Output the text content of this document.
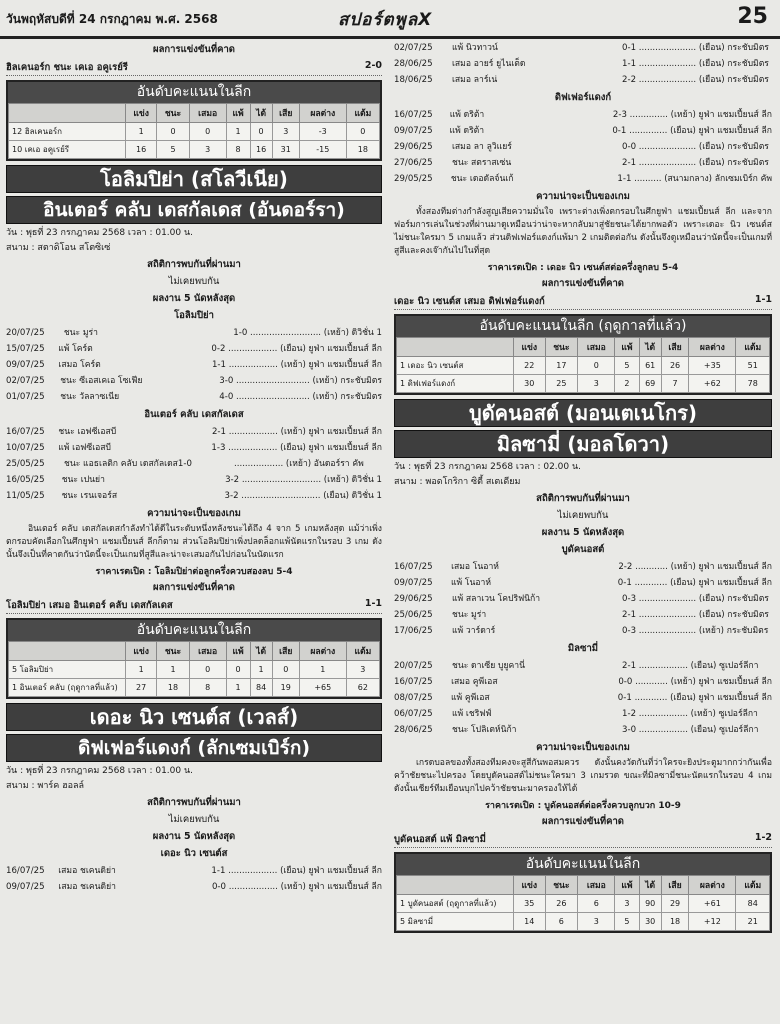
วันพฤหัสบดีที่ 24 กรกฎาคม พ.ศ. 2568	สปอร์ตพูลX	25
ผลการแข่งขันที่คาด
ฮิลเคนอร์ก ชนะ เคเอ อคูเรย์รี	2-0
อันดับคะแนนในลีก
	แข่ง	ชนะ	เสมอ	แพ้	ได้	เสีย	ผลต่าง	แต้ม
12 ฮิลเคนอร์ก	1	0	0	1	0	3	-3	0
10 เคเอ อคูเรย์รี	16	5	3	8	16	31	-15	18
โอลิมปิย่า (สโลวีเนีย)
อินเตอร์ คลับ เดสกัลเดส (อันดอร์รา)
วัน : พุธที่ 23 กรกฎาคม 2568 เวลา : 01.00 น.
สนาม : สตาดิโอน สโตซิเซ่
สถิติการพบกันที่ผ่านมา
ไม่เคยพบกัน
ผลงาน 5 นัดหลังสุด
โอลิมปิย่า
20/07/25	ชนะ มูร่า	1-0 .......................... (เหย้า) ดิวิชั่น 1
15/07/25	แพ้ โคร์ต	0-2 .................. (เยือน) ยูฟ่า แชมเปี้ยนส์ ลีก
09/07/25	เสมอ โคร์ต	1-1 .................. (เหย้า) ยูฟ่า แชมเปี้ยนส์ ลีก
02/07/25	ชนะ ซีเอสเคเอ โซเฟีย	3-0 ........................... (เหย้า) กระชับมิตร
01/07/25	ชนะ วัลลาซเนีย	4-0 ........................... (เหย้า) กระชับมิตร
อินเตอร์ คลับ เดสกัลเดส
16/07/25	ชนะ เอฟซีเอสบี	2-1 .................. (เหย้า) ยูฟ่า แชมเปี้ยนส์ ลีก
10/07/25	แพ้ เอฟซีเอสบี	1-3 .................. (เยือน) ยูฟ่า แชมเปี้ยนส์ ลีก
25/05/25	ชนะ แอธเลติก คลับ เดสกัลเดส1-0	.................. (เหย้า) อันดอร์รา คัพ
16/05/25	ชนะ เปนย่า	3-2 ............................. (เหย้า) ดิวิชั่น 1
11/05/25	ชนะ เรนเจอร์ส	3-2 ............................. (เยือน) ดิวิชั่น 1
ความน่าจะเป็นของเกม
อินเตอร์ คลับ เดสกัลเดสกำลังทำได้ดีในระดับหนึ่งหลังชนะได้ถึง 4 จาก 5 เกมหลังสุด แม้ว่าเพิ่งตกรอบคัดเลือกในศึกยูฟ่า แชมเปี้ยนส์ ลีกก็ตาม ส่วนโอลิมปิย่าเพิ่งปลดล็อกแพ้นัดแรกในรอบ 3 เกม ดังนั้นจึงเป็นที่คาดกันว่านัดนี้จะเป็นเกมที่สูสีและน่าจะเสมอกันไปก่อนในนัดแรก
ราคาเรตเปิด : โอลิมปิย่าต่อลูกครึ่งควบสองลบ 5-4
ผลการแข่งขันที่คาด
โอลิมปิย่า เสมอ อินเตอร์ คลับ เดสกัลเดส	1-1
อันดับคะแนนในลีก
	แข่ง	ชนะ	เสมอ	แพ้	ได้	เสีย	ผลต่าง	แต้ม
5 โอลิมปิย่า	1	1	0	0	1	0	1	3
1 อินเตอร์ คลับ (ฤดูกาลที่แล้ว)	27	18	8	1	84	19	+65	62
เดอะ นิว เซนต์ส (เวลส์)
ดิฟเฟอร์แดงก์ (ลักเซมเบิร์ก)
วัน : พุธที่ 23 กรกฎาคม 2568 เวลา : 01.00 น.
สนาม : พาร์ค ฮอลล์
สถิติการพบกันที่ผ่านมา
ไม่เคยพบกัน
ผลงาน 5 นัดหลังสุด
เดอะ นิว เซนต์ส
16/07/25	เสมอ ชเคนดิย่า	1-1 .................. (เยือน) ยูฟ่า แชมเปี้ยนส์ ลีก
09/07/25	เสมอ ชเคนดิย่า	0-0 .................. (เหย้า) ยูฟ่า แชมเปี้ยนส์ ลีก
02/07/25	แพ้ นิวทาวน์	0-1 ..................... (เยือน) กระชับมิตร
28/06/25	เสมอ อายร์ ยูไนเต็ด	1-1 ..................... (เยือน) กระชับมิตร
18/06/25	เสมอ ลาร์เน่	2-2 ..................... (เยือน) กระชับมิตร
ดิฟเฟอร์แดงก์
16/07/25	แพ้ ดริต้า	2-3 .............. (เหย้า) ยูฟ่า แชมเปี้ยนส์ ลีก
09/07/25	แพ้ ดริต้า	0-1 .............. (เยือน) ยูฟ่า แชมเปี้ยนส์ ลีก
29/06/25	เสมอ ลา ลูวิแยร์	0-0 ..................... (เยือน) กระชับมิตร
27/06/25	ชนะ สตราสเซ่น	2-1 ..................... (เยือน) กระชับมิตร
29/05/25	ชนะ เดอดัลจ์นเก้	1-1 .......... (สนามกลาง) ลักเซมเบิร์ก คัพ
ความน่าจะเป็นของเกม
ทั้งสองทีมต่างกำลังสูญเสียความมั่นใจ เพราะต่างเพิ่งตกรอบในศึกยูฟ่า แชมเปี้ยนส์ ลีก และจากฟอร์มการเล่นในช่วงที่ผ่านมาดูเหมือนว่าน่าจะหากลับมาสู่ชัยชนะได้ยากพอตัว เพราะเดอะ นิว เซนต์สไม่ชนะใครมา 5 เกมแล้ว ส่วนดิฟเฟอร์แดงก์แพ้มา 2 เกมติดต่อกัน ดังนั้นจึงดูเหมือนว่านัดนี้จะเป็นเกมที่สูสีและคงเจ๊ากันไปในที่สุด
ราคาเรตเปิด : เดอะ นิว เซนต์สต่อครึ่งลูกลบ 5-4
ผลการแข่งขันที่คาด
เดอะ นิว เซนต์ส เสมอ ดิฟเฟอร์แดงก์	1-1
อันดับคะแนนในลีก (ฤดูกาลที่แล้ว)
	แข่ง	ชนะ	เสมอ	แพ้	ได้	เสีย	ผลต่าง	แต้ม
1 เดอะ นิว เซนต์ส	22	17	0	5	61	26	+35	51
1 ดิฟเฟอร์แดงก์	30	25	3	2	69	7	+62	78
บูดัคนอสต์ (มอนเตเนโกร)
มิลซามี่ (มอลโดวา)
วัน : พุธที่ 23 กรกฎาคม 2568 เวลา : 02.00 น.
สนาม : พอดโกริกา ซิตี้ สเตเดียม
สถิติการพบกันที่ผ่านมา
ไม่เคยพบกัน
ผลงาน 5 นัดหลังสุด
บูดัคนอสต์
16/07/25	เสมอ โนอาห์	2-2 ............ (เหย้า) ยูฟ่า แชมเปี้ยนส์ ลีก
09/07/25	แพ้ โนอาห์	0-1 ............ (เยือน) ยูฟ่า แชมเปี้ยนส์ ลีก
29/06/25	แพ้ สลาเวน โคปริฟนิก้า	0-3 ..................... (เยือน) กระชับมิตร
25/06/25	ชนะ มูร่า	2-1 ..................... (เยือน) กระชับมิตร
17/06/25	แพ้ วาร์ดาร์	0-3 ..................... (เหย้า) กระชับมิตร
มิลซามี่
20/07/25	ชนะ ดาเซีย บูยูคานี่	2-1 .................. (เยือน) ซูเปอร์ลีกา
16/07/25	เสมอ คูพีเอส	0-0 ............ (เหย้า) ยูฟ่า แชมเปี้ยนส์ ลีก
08/07/25	แพ้ คูพีเอส	0-1 ............ (เยือน) ยูฟ่า แชมเปี้ยนส์ ลีก
06/07/25	แพ้ เชริฟฟ์	1-2 .................. (เหย้า) ซูเปอร์ลีกา
28/06/25	ชนะ โปลิเตห์นิก้า	3-0 .................. (เยือน) ซูเปอร์ลีกา
ความน่าจะเป็นของเกม
เกรดบอลของทั้งสองทีมคงจะสูสีกันพอสมควร ดังนั้นคงวัดกันที่ว่าใครจะยิงประตูมากกว่ากันเพื่อคว้าชัยชนะไปครอง โดยบูดัคนอสต์ไม่ชนะใครมา 3 เกมรวด ขณะที่มิลซามี่ชนะนัดแรกในรอบ 4 เกม ดังนั้นเชียร์ทีมเยือนบุกไปคว้าชัยชนะมาครองให้ได้
ราคาเรตเปิด : บูดัคนอสต์ต่อครึ่งควบลูกบวก 10-9
ผลการแข่งขันที่คาด
บูดัคนอสต์ แพ้ มิลซามี่	1-2
อันดับคะแนนในลีก
	แข่ง	ชนะ	เสมอ	แพ้	ได้	เสีย	ผลต่าง	แต้ม
1 บูดัคนอสต์ (ฤดูกาลที่แล้ว)	35	26	6	3	90	29	+61	84
5 มิลซามี่	14	6	3	5	30	18	+12	21
